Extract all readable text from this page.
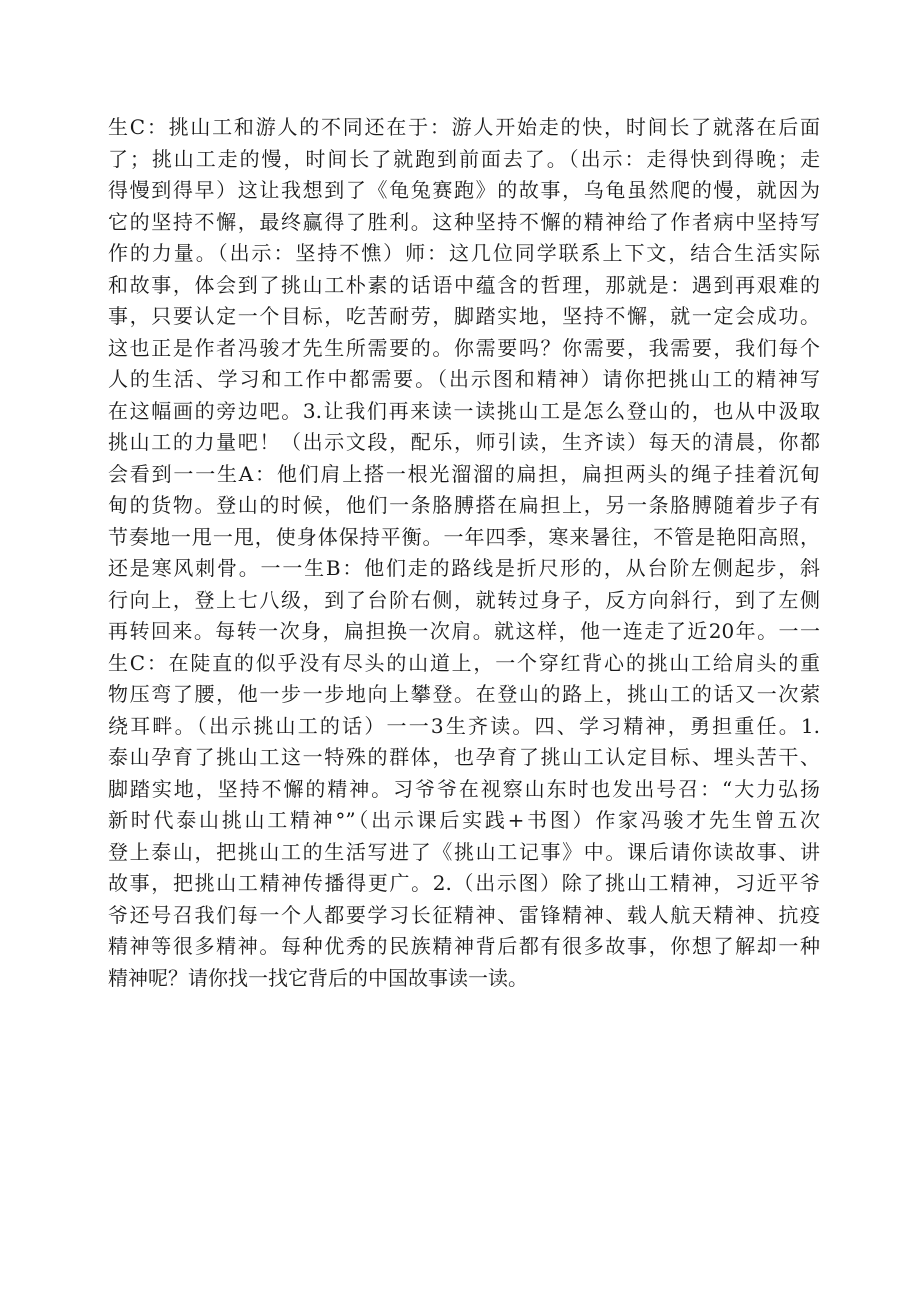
生C：挑山工和游人的不同还在于：游人开始走的快，时间长了就落在后面
了；挑山工走的慢，时间长了就跑到前面去了。（出示：走得快到得晚；走
得慢到得早）这让我想到了《龟兔赛跑》的故事，乌龟虽然爬的慢，就因为
它的坚持不懈，最终赢得了胜利。这种坚持不懈的精神给了作者病中坚持写
作的力量。（出示：坚持不憔）师：这几位同学联系上下文，结合生活实际
和故事，体会到了挑山工朴素的话语中蕴含的哲理，那就是：遇到再艰难的
事，只要认定一个目标，吃苦耐劳，脚踏实地，坚持不懈，就一定会成功。
这也正是作者冯骏才先生所需要的。你需要吗？你需要，我需要，我们每个
人的生活、学习和工作中都需要。（出示图和精神）请你把挑山工的精神写
在这幅画的旁边吧。3.让我们再来读一读挑山工是怎么登山的，也从中汲取
挑山工的力量吧！（出示文段，配乐，师引读，生齐读）每天的清晨，你都
会看到一一生A：他们肩上搭一根光溜溜的扁担，扁担两头的绳子挂着沉甸
甸的货物。登山的时候，他们一条胳膊搭在扁担上，另一条胳膊随着步子有
节奏地一甩一甩，使身体保持平衡。一年四季，寒来暑往，不管是艳阳高照，
还是寒风刺骨。一一生B：他们走的路线是折尺形的，从台阶左侧起步，斜
行向上，登上七八级，到了台阶右侧，就转过身子，反方向斜行，到了左侧
再转回来。每转一次身，扁担换一次肩。就这样，他一连走了近20年。一一
生C：在陡直的似乎没有尽头的山道上，一个穿红背心的挑山工给肩头的重
物压弯了腰，他一步一步地向上攀登。在登山的路上，挑山工的话又一次萦
绕耳畔。（出示挑山工的话）一一3生齐读。四、学习精神，勇担重任。1.
泰山孕育了挑山工这一特殊的群体，也孕育了挑山工认定目标、埋头苦干、
脚踏实地，坚持不懈的精神。习爷爷在视察山东时也发出号召：“大力弘扬
新时代泰山挑山工精神°”（出示课后实践+书图）作家冯骏才先生曾五次
登上泰山，把挑山工的生活写进了《挑山工记事》中。课后请你读故事、讲
故事，把挑山工精神传播得更广。2.（出示图）除了挑山工精神，习近平爷
爷还号召我们每一个人都要学习长征精神、雷锋精神、载人航天精神、抗疫
精神等很多精神。每种优秀的民族精神背后都有很多故事，你想了解却一种
精神呢？请你找一找它背后的中国故事读一读。
